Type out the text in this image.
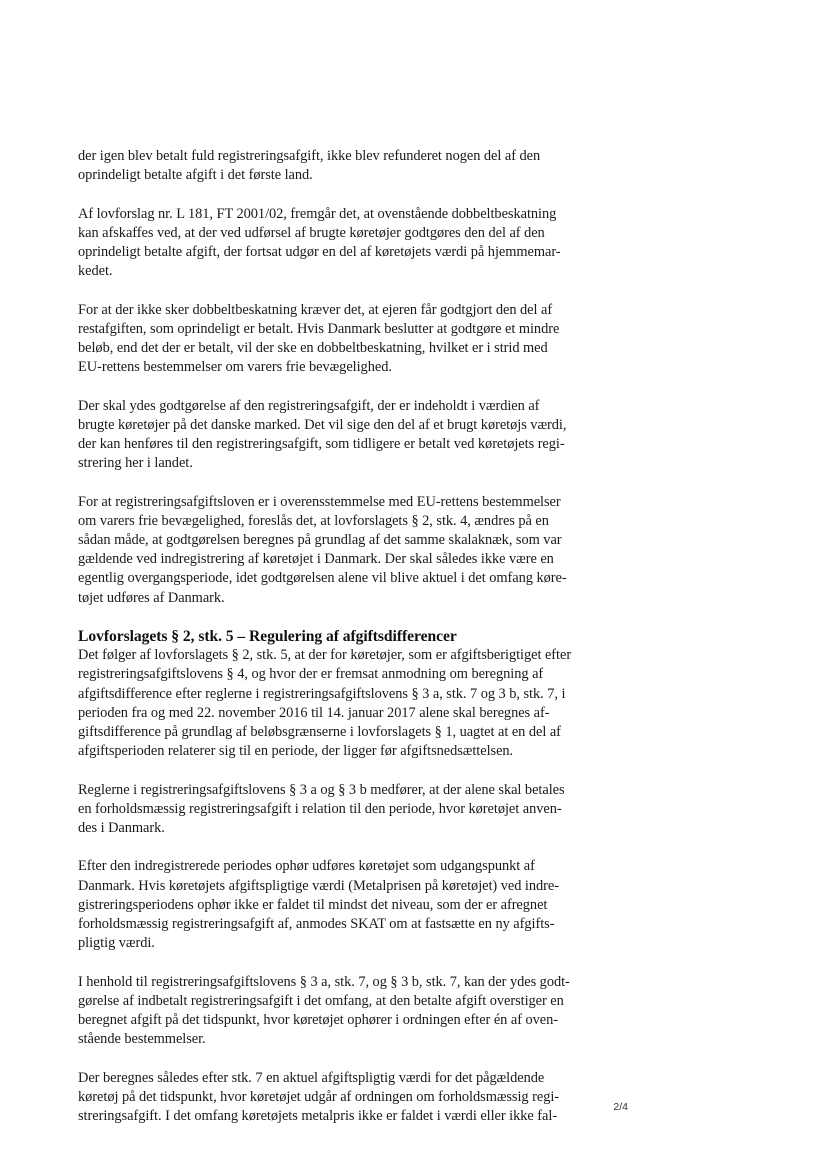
der igen blev betalt fuld registreringsafgift, ikke blev refunderet nogen del af den
oprindeligt betalte afgift i det første land.

Af lovforslag nr. L 181, FT 2001/02, fremgår det, at ovenstående dobbeltbeskatning
kan afskaffes ved, at der ved udførsel af brugte køretøjer godtgøres den del af den
oprindeligt betalte afgift, der fortsat udgør en del af køretøjets værdi på hjemmemar-
kedet.

For at der ikke sker dobbeltbeskatning kræver det, at ejeren får godtgjort den del af
restafgiften, som oprindeligt er betalt. Hvis Danmark beslutter at godtgøre et mindre
beløb, end det der er betalt, vil der ske en dobbeltbeskatning, hvilket er i strid med
EU-rettens bestemmelser om varers frie bevægelighed.

Der skal ydes godtgørelse af den registreringsafgift, der er indeholdt i værdien af
brugte køretøjer på det danske marked. Det vil sige den del af et brugt køretøjs værdi,
der kan henføres til den registreringsafgift, som tidligere er betalt ved køretøjets regi-
strering her i landet.

For at registreringsafgiftsloven er i overensstemmelse med EU-rettens bestemmelser
om varers frie bevægelighed, foreslås det, at lovforslagets § 2, stk. 4, ændres på en
sådan måde, at godtgørelsen beregnes på grundlag af det samme skalaknæk, som var
gældende ved indregistrering af køretøjet i Danmark. Der skal således ikke være en
egentlig overgangsperiode, idet godtgørelsen alene vil blive aktuel i det omfang køre-
tøjet udføres af Danmark.

Lovforslagets § 2, stk. 5 – Regulering af afgiftsdifferencer

Det følger af lovforslagets § 2, stk. 5, at der for køretøjer, som er afgiftsberigtiget efter
registreringsafgiftslovens § 4, og hvor der er fremsat anmodning om beregning af
afgiftsdifference efter reglerne i registreringsafgiftslovens § 3 a, stk. 7 og 3 b, stk. 7, i
perioden fra og med 22. november 2016 til 14. januar 2017 alene skal beregnes af-
giftsdifference på grundlag af beløbsgrænserne i lovforslagets § 1, uagtet at en del af
afgiftsperioden relaterer sig til en periode, der ligger før afgiftsnedsættelsen.

Reglerne i registreringsafgiftslovens § 3 a og § 3 b medfører, at der alene skal betales
en forholdsmæssig registreringsafgift i relation til den periode, hvor køretøjet anven-
des i Danmark.

Efter den indregistrerede periodes ophør udføres køretøjet som udgangspunkt af
Danmark. Hvis køretøjets afgiftspligtige værdi (Metalprisen på køretøjet) ved indre-
gistreringsperiodens ophør ikke er faldet til mindst det niveau, som der er afregnet
forholdsmæssig registreringsafgift af, anmodes SKAT om at fastsætte en ny afgifts-
pligtig værdi.

I henhold til registreringsafgiftslovens § 3 a, stk. 7, og § 3 b, stk. 7, kan der ydes godt-
gørelse af indbetalt registreringsafgift i det omfang, at den betalte afgift overstiger en
beregnet afgift på det tidspunkt, hvor køretøjet ophører i ordningen efter én af oven-
stående bestemmelser.

Der beregnes således efter stk. 7 en aktuel afgiftspligtig værdi for det pågældende
køretøj på det tidspunkt, hvor køretøjet udgår af ordningen om forholdsmæssig regi-
streringsafgift. I det omfang køretøjets metalpris ikke er faldet i værdi eller ikke fal-

2/4
